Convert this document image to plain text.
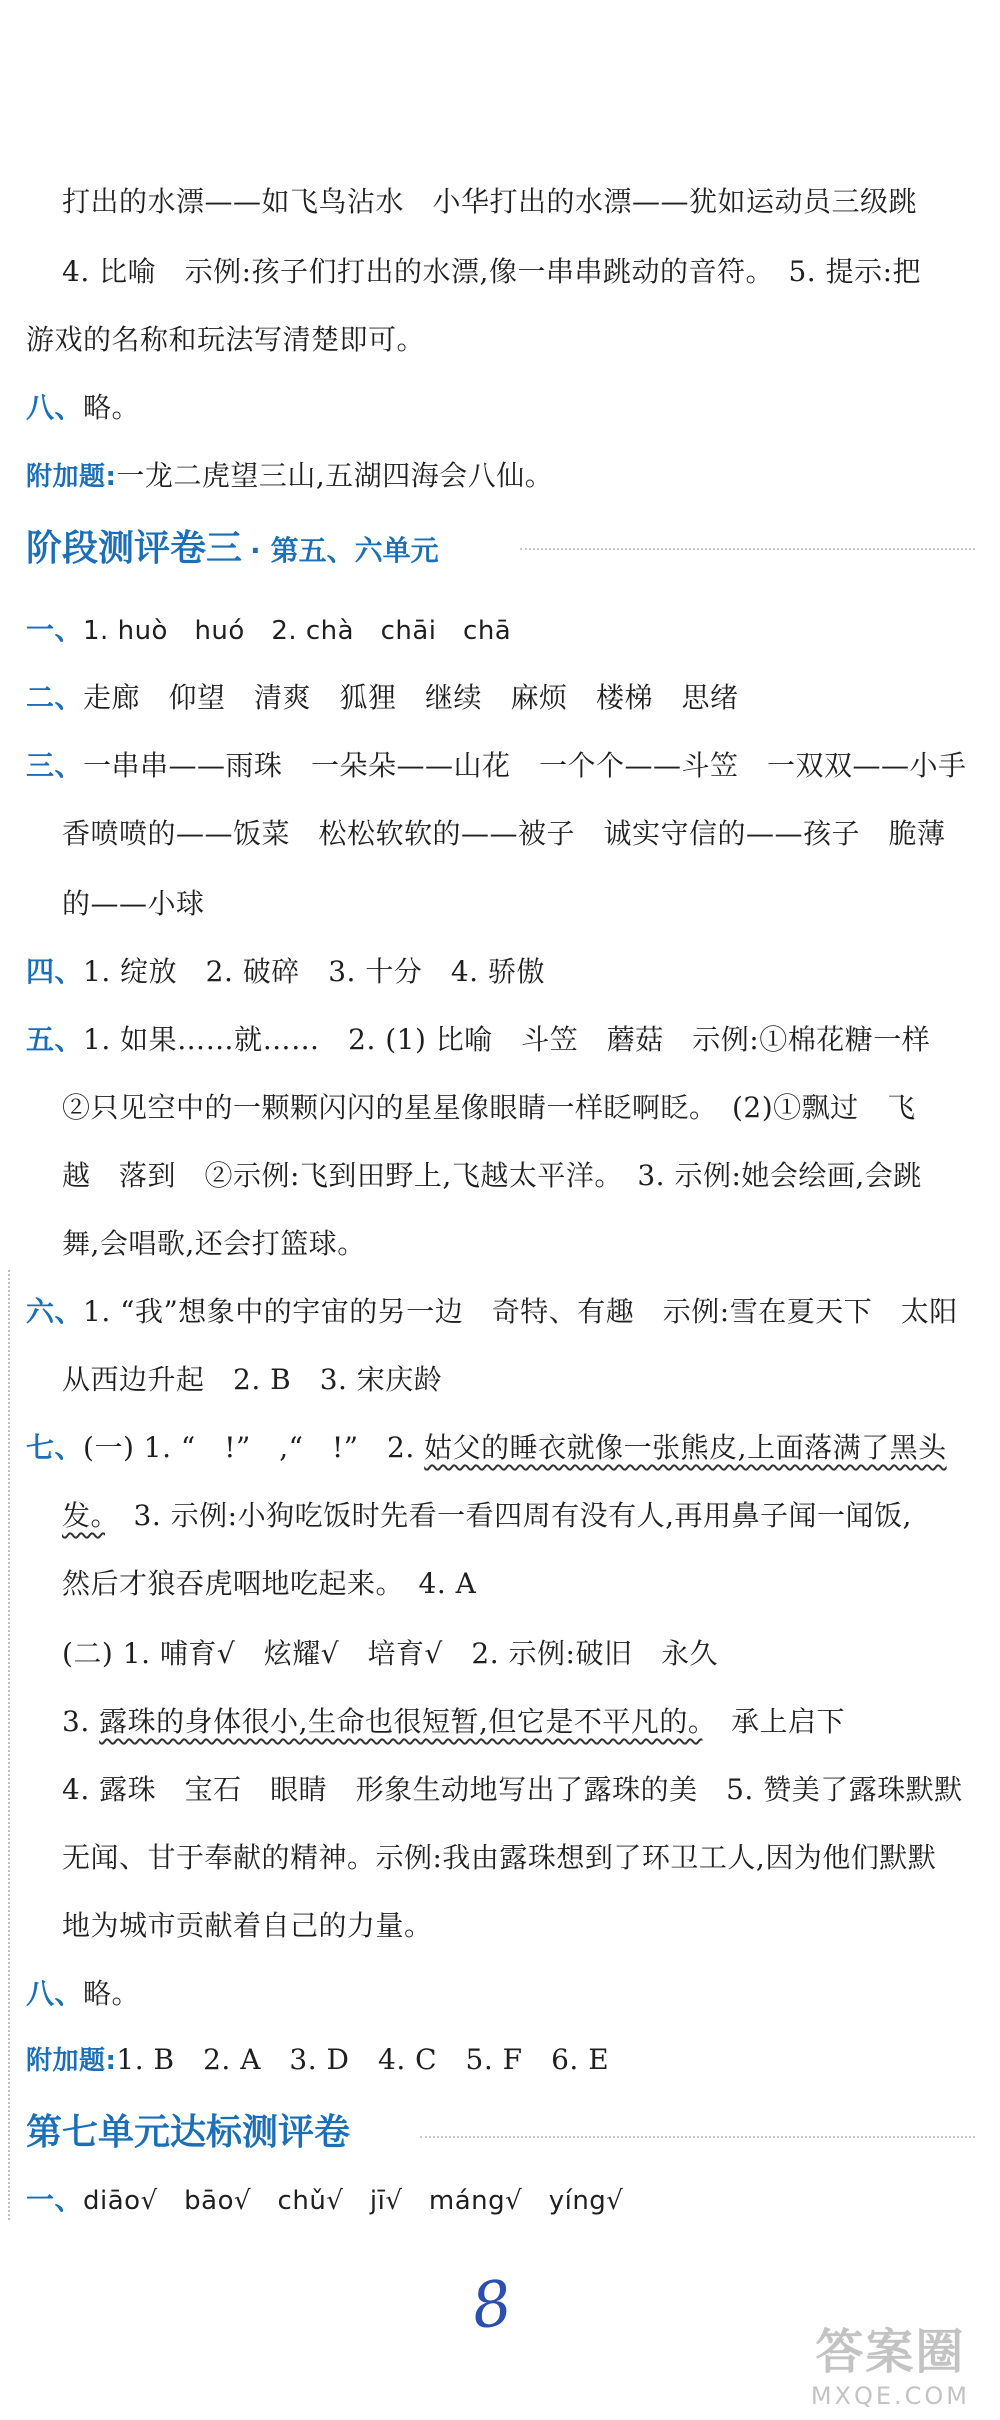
打出的水漂——如飞鸟沾水　小华打出的水漂——犹如运动员三级跳
4. 比喻　示例:孩子们打出的水漂,像一串串跳动的音符。　5. 提示:把
游戏的名称和玩法写清楚即可。
八、略。
附加题:一龙二虎望三山,五湖四海会八仙。
阶段测评卷三 · 第五、六单元
一、1. huò　huó　2. chà　chāi　chā
二、走廊　仰望　清爽　狐狸　继续　麻烦　楼梯　思绪
三、一串串——雨珠　一朵朵——山花　一个个——斗笠　一双双——小手
香喷喷的——饭菜　松松软软的——被子　诚实守信的——孩子　脆薄
的——小球
四、1. 绽放　2. 破碎　3. 十分　4. 骄傲
五、1. 如果……就……　2. (1) 比喻　斗笠　蘑菇　示例:①棉花糖一样
②只见空中的一颗颗闪闪的星星像眼睛一样眨啊眨。　(2)①飘过　飞
越　落到　②示例:飞到田野上,飞越太平洋。　3. 示例:她会绘画,会跳
舞,会唱歌,还会打篮球。
六、1. “我”想象中的宇宙的另一边　奇特、有趣　示例:雪在夏天下　太阳
从西边升起　2. B　3. 宋庆龄
七、(一) 1. “　!”　,“　!”　2. 姑父的睡衣就像一张熊皮,上面落满了黑头
发。　3. 示例:小狗吃饭时先看一看四周有没有人,再用鼻子闻一闻饭,
然后才狼吞虎咽地吃起来。　4. A
(二) 1. 哺育√　炫耀√　培育√　2. 示例:破旧　永久
3. 露珠的身体很小,生命也很短暂,但它是不平凡的。　承上启下
4. 露珠　宝石　眼睛　形象生动地写出了露珠的美　5. 赞美了露珠默默
无闻、甘于奉献的精神。示例:我由露珠想到了环卫工人,因为他们默默
地为城市贡献着自己的力量。
八、略。
附加题:1. B　2. A　3. D　4. C　5. F　6. E
第七单元达标测评卷
一、diāo√　bāo√　chǔ√　jī√　máng√　yíng√
8
答案圈
MXQE.COM
